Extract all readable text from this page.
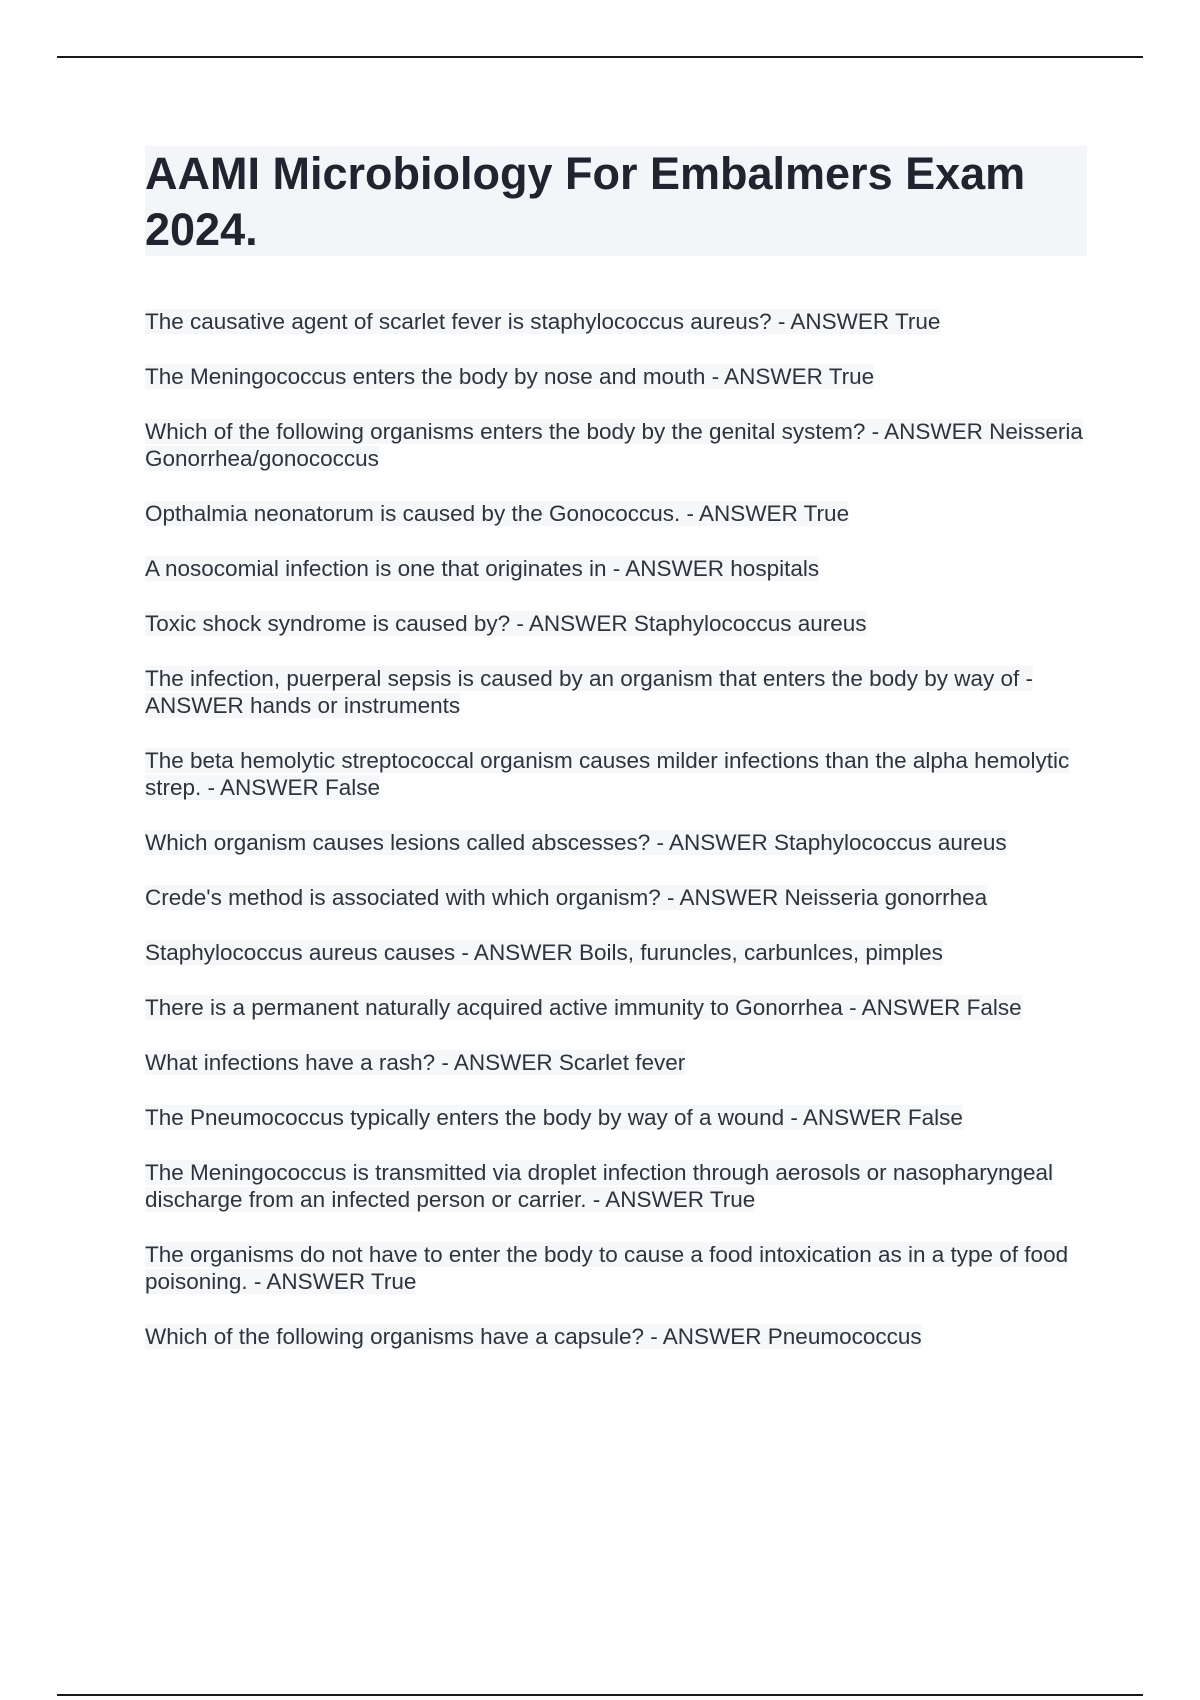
AAMI Microbiology For Embalmers Exam 2024.
The causative agent of scarlet fever is staphylococcus aureus? - ANSWER True
The Meningococcus enters the body by nose and mouth - ANSWER True
Which of the following organisms enters the body by the genital system? - ANSWER Neisseria Gonorrhea/gonococcus
Opthalmia neonatorum is caused by the Gonococcus. - ANSWER True
A nosocomial infection is one that originates in - ANSWER hospitals
Toxic shock syndrome is caused by? - ANSWER Staphylococcus aureus
The infection, puerperal sepsis is caused by an organism that enters the body by way of - ANSWER hands or instruments
The beta hemolytic streptococcal organism causes milder infections than the alpha hemolytic strep. - ANSWER False
Which organism causes lesions called abscesses? - ANSWER Staphylococcus aureus
Crede's method is associated with which organism? - ANSWER Neisseria gonorrhea
Staphylococcus aureus causes - ANSWER Boils, furuncles, carbunlces, pimples
There is a permanent naturally acquired active immunity to Gonorrhea - ANSWER False
What infections have a rash? - ANSWER Scarlet fever
The Pneumococcus typically enters the body by way of a wound - ANSWER False
The Meningococcus is transmitted via droplet infection through aerosols or nasopharyngeal discharge from an infected person or carrier. - ANSWER True
The organisms do not have to enter the body to cause a food intoxication as in a type of food poisoning. - ANSWER True
Which of the following organisms have a capsule? - ANSWER Pneumococcus
